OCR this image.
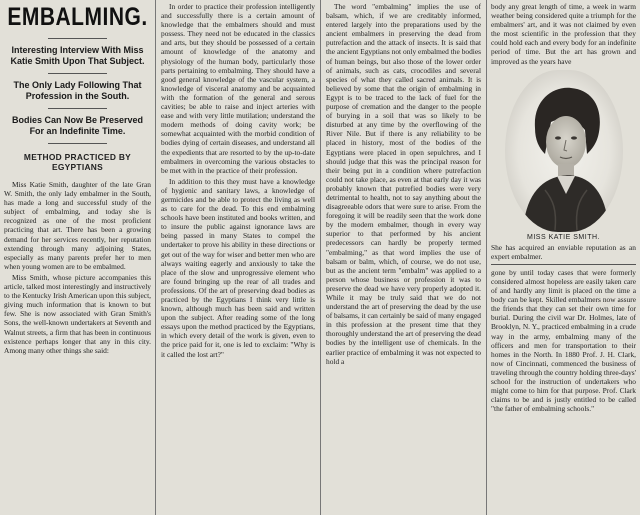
EMBALMING.
Interesting Interview With Miss Katie Smith Upon That Subject.
The Only Lady Following That Profession in the South.
Bodies Can Now Be Preserved For an Indefinite Time.
METHOD PRACTICED BY EGYPTIANS

Miss Katie Smith, daughter of the late Gran W. Smith, the only lady embalmer in the South, has made a long and successful study of the subject of embalming, and today she is recognized as one of the most proficient practicing that art. There has been a growing demand for her services recently, her reputation extending through many adjoining States, especially as many parents prefer her to men when young women are to be embalmed.

Miss Smith, whose picture accompanies this article, talked most interestingly and instructively to the Kentucky Irish American upon this subject, giving much information that is known to but few. She is now associated with Gran Smith's Sons, the well-known undertakers at Seventh and Walnut streets, a firm that has been in continuous existence perhaps longer that any in this city. Among many other things she said:

In order to practice their profession intelligently and successfully there is a certain amount of knowledge that the embalmers should and must possess. They need not be educated in the classics and arts, but they should be possessed of a certain amount of knowledge of the anatomy and physiology of the human body, particularly those parts pertaining to embalming. They should have a good general knowledge of the vascular system, a knowledge of visceral anatomy and be acquainted with the formation of the general and serous cavities; be able to raise and inject arteries with ease and with very little mutilation; understand the modern methods of doing cavity work; be somewhat acquainted with the morbid condition of bodies dying of certain diseases, and understand all the expedients that are resorted to by the up-to-date embalmers in overcoming the various obstacles to be met with in the practice of their profession.

In addition to this they must have a knowledge of hygienic and sanitary laws, a knowledge of germicides and be able to protect the living as well as to care for the dead. To this end embalming schools have been instituted and books written, and to insure the public against ignorance laws are being passed in many States to compel the undertaker to prove his ability in these directions or get out of the way for wiser and better men who are always waiting eagerly and anxiously to take the place of the slow and unprogressive element who are found bringing up the rear of all trades and professions. Of the art of preserving dead bodies as practiced by the Egyptians I think very little is known, although much has been said and written upon the subject. After reading some of the long essays upon the method practiced by the Egyptians, in which every detail of the work is given, even to the price paid for it, one is led to exclaim: "Why is it called the lost art?"

The word "embalming" implies the use of balsam, which, if we are creditably informed, entered largely into the preparations used by the ancient embalmers in preserving the dead from putrefaction and the attack of insects. It is said that the ancient Egyptians not only embalmed the bodies of human beings, but also those of the lower order of animals, such as cats, crocodiles and several species of what they called sacred animals. It is believed by some that the origin of embalming in Egypt is to be traced to the lack of fuel for the purpose of cremation and the danger to the people of burying in a soil that was so likely to be disturbed at any time by the overflowing of the River Nile. But if there is any reliability to be placed in history, most of the bodies of the Egyptians were placed in open sepulchres, and I should judge that this was the principal reason for their being put in a condition where putrefaction could not take place, as even at that early day it was probably known that putrefied bodies were very detrimental to health, not to say anything about the disagreeable odors that were sure to arise. From the foregoing it will be readily seen that the work done by the modern embalmer, though in every way superior to that performed by his ancient predecessors can hardly be properly termed "embalming," as that word implies the use of balsam or balm, which, of course, we do not use, but as the ancient term "embalm" was applied to a person whose business or profession it was to preserve the dead we have very properly adopted it. While it may be truly said that we do not understand the art of preserving the dead by the use of balsams, it can certainly be said of many engaged in this profession at the present time that they thoroughly understand the art of preserving the dead bodies by the intelligent use of chemicals. In the earlier practice of embalming it was not expected to hold a

body any great length of time, a week in warm weather being considered quite a triumph for the embalmers' art, and it was not claimed by even the most scientific in the profession that they could hold each and every body for an indefinite period of time. But the art has grown and improved as the years have

MISS KATIE SMITH.

She has acquired an enviable reputation as an expert embalmer.

gone by until today cases that were formerly considered almost hopeless are easily taken care of and hardly any limit is placed on the time a body can be kept. Skilled embalmers now assure the friends that they can set their own time for burial. During the civil war Dr. Holmes, late of Brooklyn, N. Y., practiced embalming in a crude way in the army, embalming many of the officers and men for transportation to their homes in the North. In 1880 Prof. J. H. Clark, now of Cincinnati, commenced the business of traveling through the country holding three-days' school for the instruction of undertakers who might come to him for that purpose. Prof. Clark claims to be and is justly entitled to be called "the father of embalming schools."
